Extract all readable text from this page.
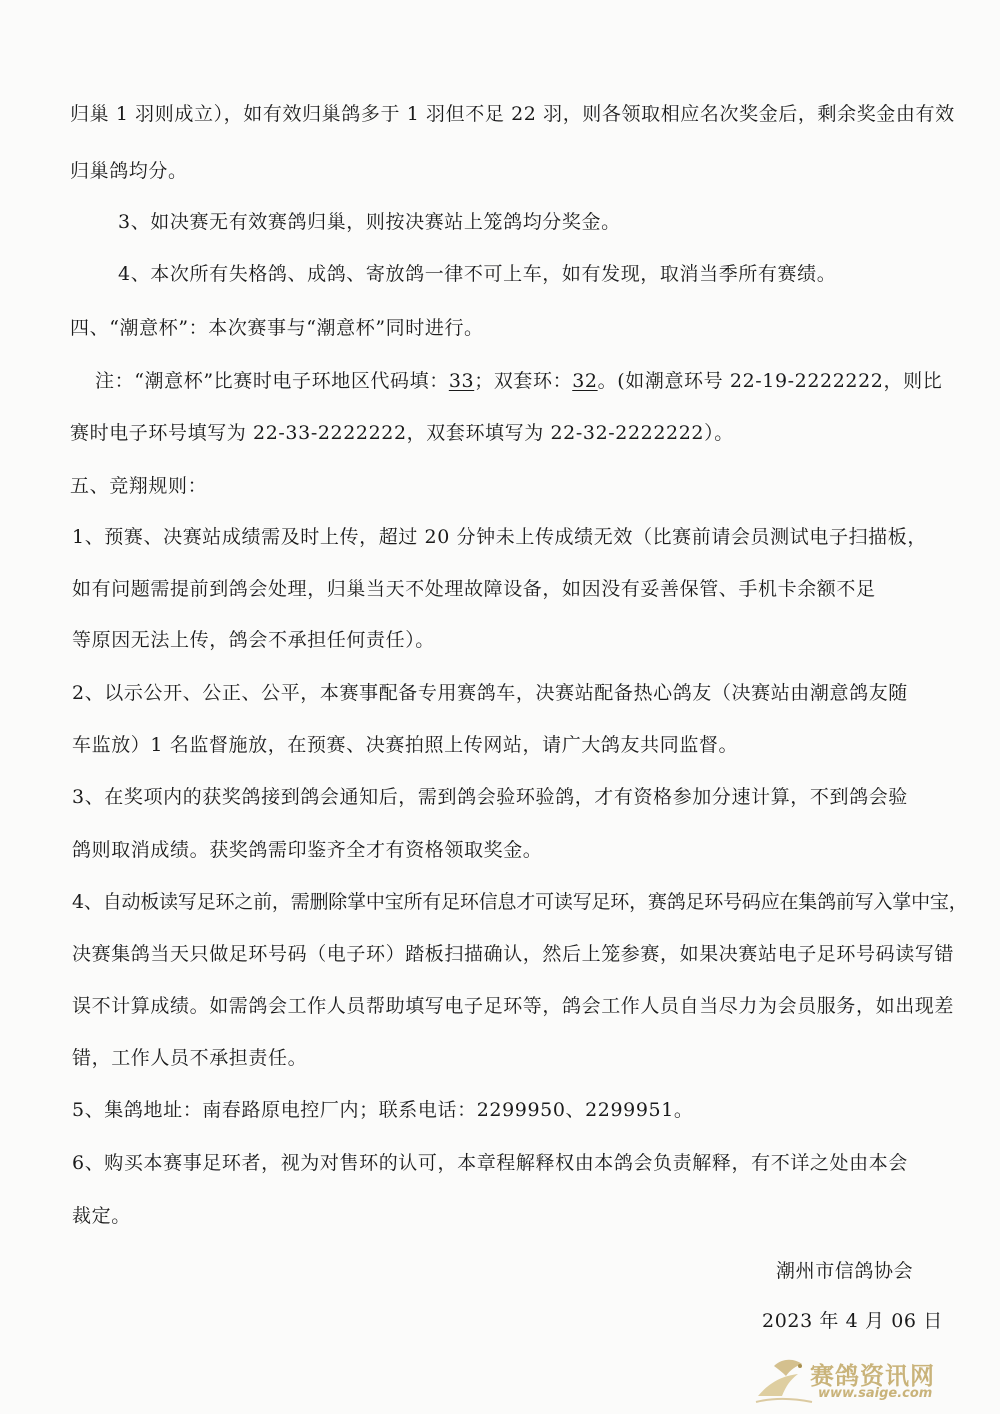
归巢 1 羽则成立），如有效归巢鸽多于 1 羽但不足 22 羽，则各领取相应名次奖金后，剩余奖金由有效
归巢鸽均分。
3、如决赛无有效赛鸽归巢，则按决赛站上笼鸽均分奖金。
4、本次所有失格鸽、成鸽、寄放鸽一律不可上车，如有发现，取消当季所有赛绩。
四、“潮意杯”：本次赛事与“潮意杯”同时进行。
注：“潮意杯”比赛时电子环地区代码填：33；双套环：32。(如潮意环号 22-19-2222222，则比
赛时电子环号填写为 22-33-2222222，双套环填写为 22-32-2222222）。
五、竞翔规则：
1、预赛、决赛站成绩需及时上传，超过 20 分钟未上传成绩无效（比赛前请会员测试电子扫描板，
如有问题需提前到鸽会处理，归巢当天不处理故障设备，如因没有妥善保管、手机卡余额不足
等原因无法上传，鸽会不承担任何责任）。
2、以示公开、公正、公平，本赛事配备专用赛鸽车，决赛站配备热心鸽友（决赛站由潮意鸽友随
车监放）1 名监督施放，在预赛、决赛拍照上传网站，请广大鸽友共同监督。
3、在奖项内的获奖鸽接到鸽会通知后，需到鸽会验环验鸽，才有资格参加分速计算，不到鸽会验
鸽则取消成绩。获奖鸽需印鉴齐全才有资格领取奖金。
4、自动板读写足环之前，需删除掌中宝所有足环信息才可读写足环，赛鸽足环号码应在集鸽前写入掌中宝，
决赛集鸽当天只做足环号码（电子环）踏板扫描确认，然后上笼参赛，如果决赛站电子足环号码读写错
误不计算成绩。如需鸽会工作人员帮助填写电子足环等，鸽会工作人员自当尽力为会员服务，如出现差
错，工作人员不承担责任。
5、集鸽地址：南春路原电控厂内；联系电话：2299950、2299951。
6、购买本赛事足环者，视为对售环的认可，本章程解释权由本鸽会负责解释，有不详之处由本会
裁定。
潮州市信鸽协会
2023 年 4 月 06 日
赛鸽资讯网
www.saige.com
